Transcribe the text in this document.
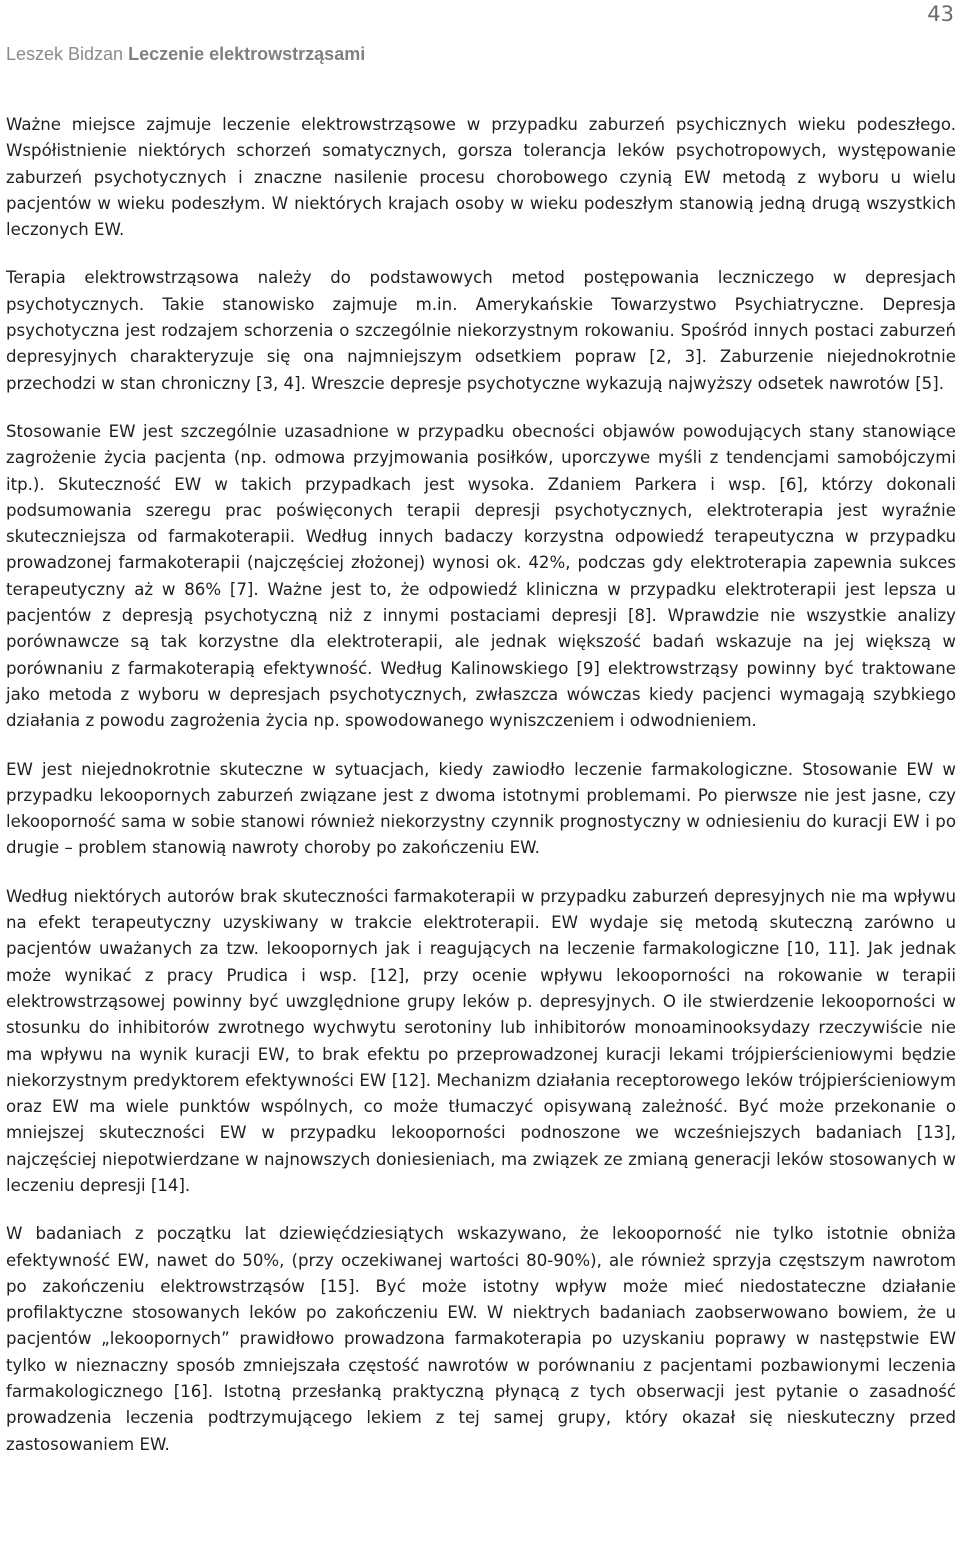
43
Leszek Bidzan Leczenie elektrowstrząsami

Ważne miejsce zajmuje leczenie elektrowstrząsowe w przypadku zaburzeń psychicznych wieku podeszłego. Współistnienie niektórych schorzeń somatycznych, gorsza tolerancja leków psychotropowych, występowanie zaburzeń psychotycznych i znaczne nasilenie procesu chorobowego czynią EW metodą z wyboru u wielu pacjentów w wieku podeszłym. W niektórych krajach osoby w wieku podeszłym stanowią jedną drugą wszystkich leczonych EW.

Terapia elektrowstrząsowa należy do podstawowych metod postępowania leczniczego w depresjach psychotycznych. Takie stanowisko zajmuje m.in. Amerykańskie Towarzystwo Psychiatryczne. Depresja psychotyczna jest rodzajem schorzenia o szczególnie niekorzystnym rokowaniu. Spośród innych postaci zaburzeń depresyjnych charakteryzuje się ona najmniejszym odsetkiem popraw [2, 3]. Zaburzenie niejednokrotnie przechodzi w stan chroniczny [3, 4]. Wreszcie depresje psychotyczne wykazują najwyższy odsetek nawrotów [5].

Stosowanie EW jest szczególnie uzasadnione w przypadku obecności objawów powodujących stany stanowiące zagrożenie życia pacjenta (np. odmowa przyjmowania posiłków, uporczywe myśli z tendencjami samobójczymi itp.). Skuteczność EW w takich przypadkach jest wysoka. Zdaniem Parkera i wsp. [6], którzy dokonali podsumowania szeregu prac poświęconych terapii depresji psychotycznych, elektroterapia jest wyraźnie skuteczniejsza od farmakoterapii. Według innych badaczy korzystna odpowiedź terapeutyczna w przypadku prowadzonej farmakoterapii (najczęściej złożonej) wynosi ok. 42%, podczas gdy elektroterapia zapewnia sukces terapeutyczny aż w 86% [7]. Ważne jest to, że odpowiedź kliniczna w przypadku elektroterapii jest lepsza u pacjentów z depresją psychotyczną niż z innymi postaciami depresji [8]. Wprawdzie nie wszystkie analizy porównawcze są tak korzystne dla elektroterapii, ale jednak większość badań wskazuje na jej większą w porównaniu z farmakoterapią efektywność. Według Kalinowskiego [9] elektrowstrząsy powinny być traktowane jako metoda z wyboru w depresjach psychotycznych, zwłaszcza wówczas kiedy pacjenci wymagają szybkiego działania z powodu zagrożenia życia np. spowodowanego wyniszczeniem i odwodnieniem.

EW jest niejednokrotnie skuteczne w sytuacjach, kiedy zawiodło leczenie farmakologiczne. Stosowanie EW w przypadku lekoopornych zaburzeń związane jest z dwoma istotnymi problemami. Po pierwsze nie jest jasne, czy lekooporność sama w sobie stanowi również niekorzystny czynnik prognostyczny w odniesieniu do kuracji EW i po drugie – problem stanowią nawroty choroby po zakończeniu EW.

Według niektórych autorów brak skuteczności farmakoterapii w przypadku zaburzeń depresyjnych nie ma wpływu na efekt terapeutyczny uzyskiwany w trakcie elektroterapii. EW wydaje się metodą skuteczną zarówno u pacjentów uważanych za tzw. lekoopornych jak i reagujących na leczenie farmakologiczne [10, 11]. Jak jednak może wynikać z pracy Prudica i wsp. [12], przy ocenie wpływu lekooporności na rokowanie w terapii elektrowstrząsowej powinny być uwzględnione grupy leków p. depresyjnych. O ile stwierdzenie lekooporności w stosunku do inhibitorów zwrotnego wychwytu serotoniny lub inhibitorów monoaminooksydazy rzeczywiście nie ma wpływu na wynik kuracji EW, to brak efektu po przeprowadzonej kuracji lekami trójpierścieniowymi będzie niekorzystnym predyktorem efektywności EW [12]. Mechanizm działania receptorowego leków trójpierścieniowym oraz EW ma wiele punktów wspólnych, co może tłumaczyć opisywaną zależność. Być może przekonanie o mniejszej skuteczności EW w przypadku lekooporności podnoszone we wcześniejszych badaniach [13], najczęściej niepotwierdzane w najnowszych doniesieniach, ma związek ze zmianą generacji leków stosowanych w leczeniu depresji [14].

W badaniach z początku lat dziewięćdziesiątych wskazywano, że lekooporność nie tylko istotnie obniża efektywność EW, nawet do 50%, (przy oczekiwanej wartości 80-90%), ale również sprzyja częstszym nawrotom po zakończeniu elektrowstrząsów [15]. Być może istotny wpływ może mieć niedostateczne działanie profilaktyczne stosowanych leków po zakończeniu EW. W niektrych badaniach zaobserwowano bowiem, że u pacjentów „lekoopornych” prawidłowo prowadzona farmakoterapia po uzyskaniu poprawy w następstwie EW tylko w nieznaczny sposób zmniejszała częstość nawrotów w porównaniu z pacjentami pozbawionymi leczenia farmakologicznego [16]. Istotną przesłanką praktyczną płynącą z tych obserwacji jest pytanie o zasadność prowadzenia leczenia podtrzymującego lekiem z tej samej grupy, który okazał się nieskuteczny przed zastosowaniem EW.
